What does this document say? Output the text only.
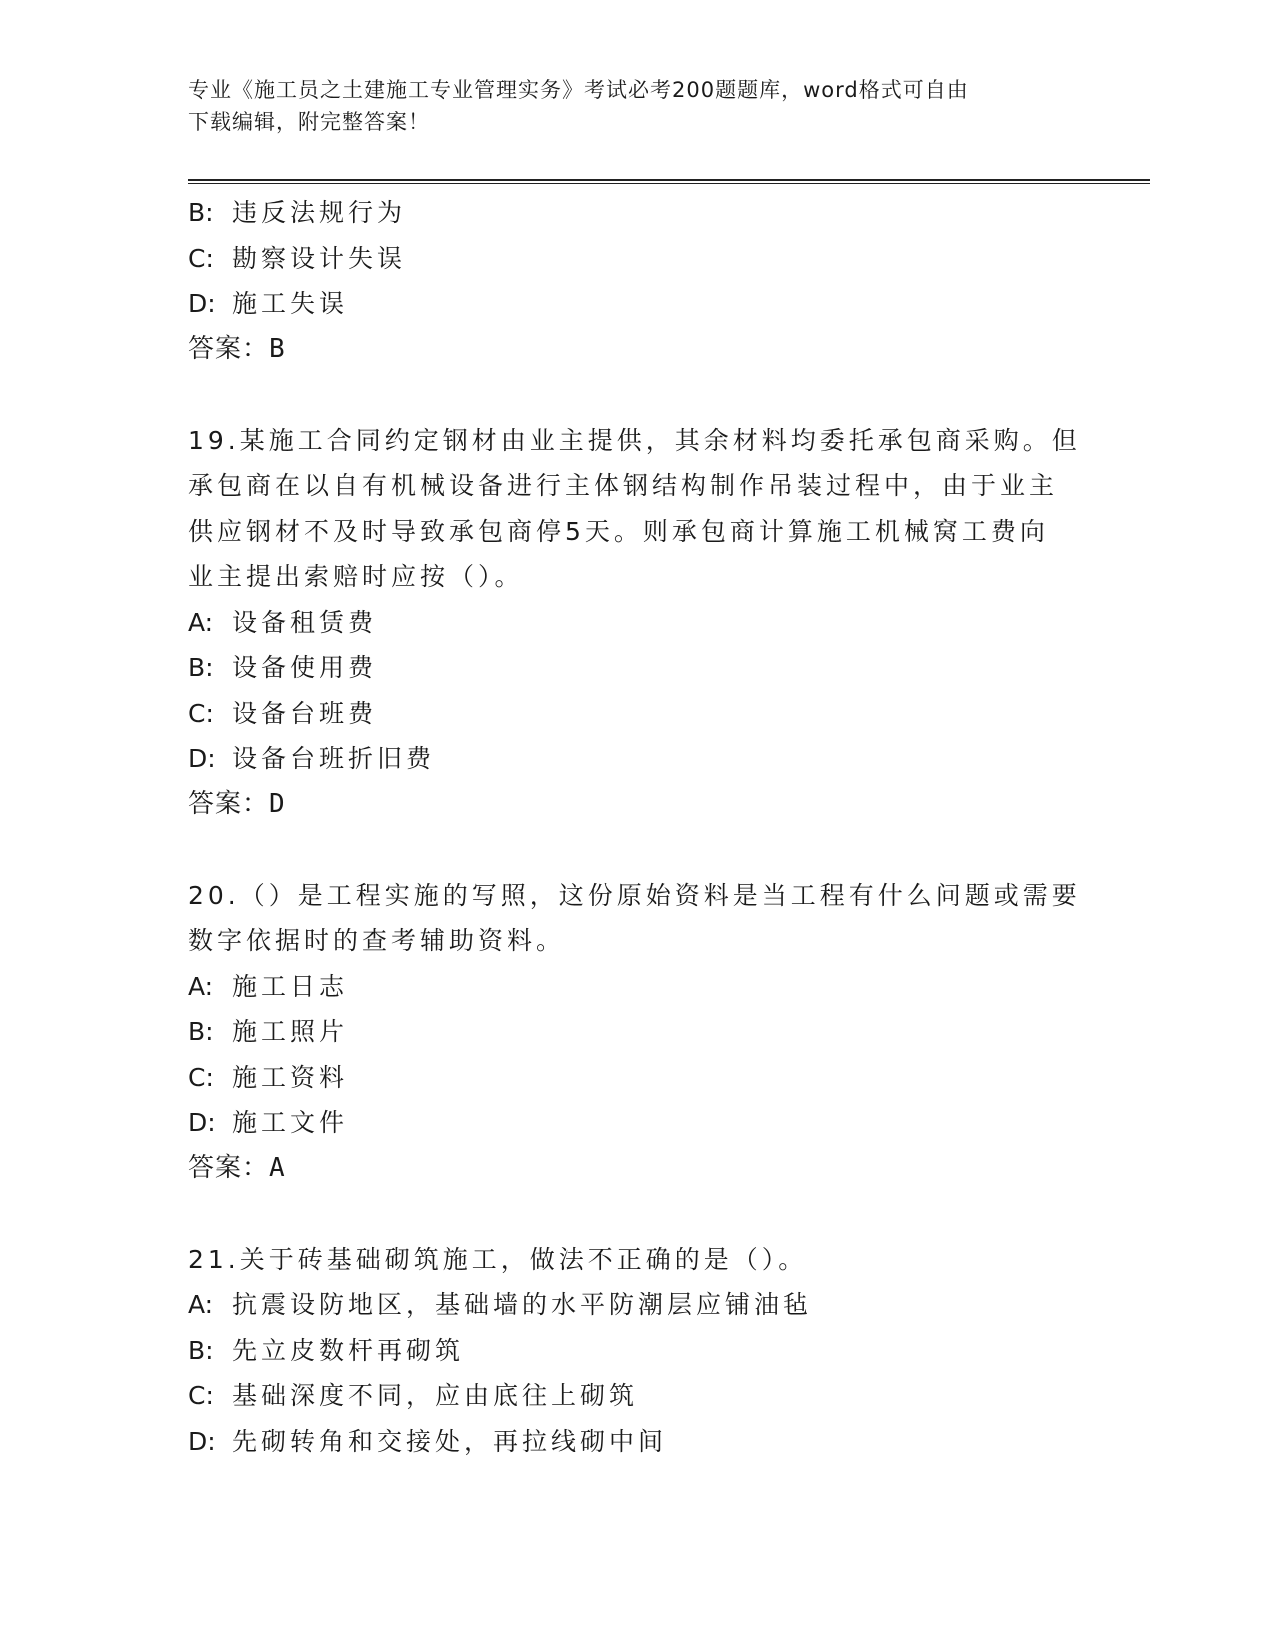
专业《施工员之土建施工专业管理实务》考试必考200题题库，word格式可自由
下载编辑，附完整答案！
B: 违反法规行为
C: 勘察设计失误
D: 施工失误
答案：B
19.某施工合同约定钢材由业主提供，其余材料均委托承包商采购。但
承包商在以自有机械设备进行主体钢结构制作吊装过程中，由于业主
供应钢材不及时导致承包商停5天。则承包商计算施工机械窝工费向
业主提出索赔时应按（）。
A: 设备租赁费
B: 设备使用费
C: 设备台班费
D: 设备台班折旧费
答案：D
20.（）是工程实施的写照，这份原始资料是当工程有什么问题或需要
数字依据时的查考辅助资料。
A: 施工日志
B: 施工照片
C: 施工资料
D: 施工文件
答案：A
21.关于砖基础砌筑施工，做法不正确的是（）。
A: 抗震设防地区，基础墙的水平防潮层应铺油毡
B: 先立皮数杆再砌筑
C: 基础深度不同，应由底往上砌筑
D: 先砌转角和交接处，再拉线砌中间
